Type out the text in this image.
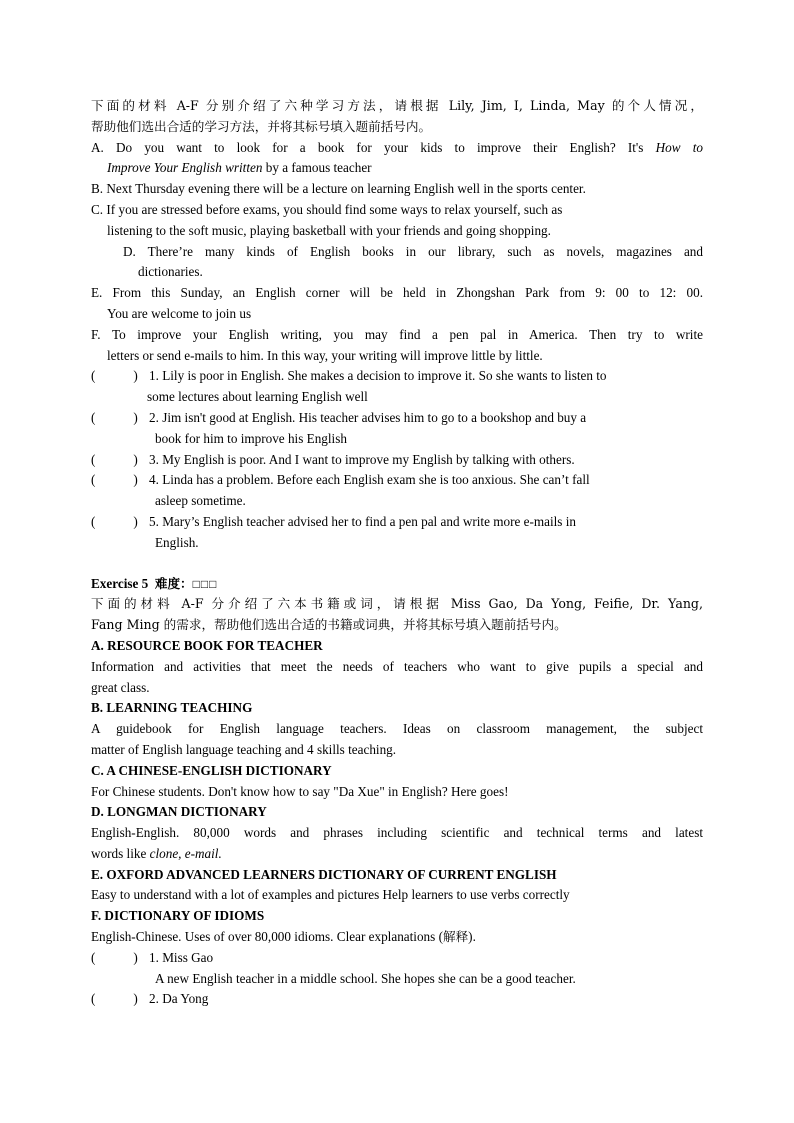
下面的材料 A-F 分别介绍了六种学习方法，请根据 Lily, Jim, I, Linda, May 的个人情况，
帮助他们选出合适的学习方法，并将其标号填入题前括号内。
A. Do you want to look for a book for your kids to improve their English? It's How to
Improve Your English written by a famous teacher
B. Next Thursday evening there will be a lecture on learning English well in the sports center.
C. If you are stressed before exams, you should find some ways to relax yourself, such as
listening to the soft music, playing basketball with your friends and going shopping.
D. There’re many kinds of English books in our library, such as novels, magazines and
dictionaries.
E. From this Sunday, an English corner will be held in Zhongshan Park from 9: 00 to 12: 00.
You are welcome to join us
F. To improve your English writing, you may find a pen pal in America. Then try to write
letters or send e-mails to him. In this way, your writing will improve little by little.
(	) 1. Lily is poor in English. She makes a decision to improve it. So she wants to listen to
some lectures about learning English well
(	) 2. Jim isn't good at English. His teacher advises him to go to a bookshop and buy a
book for him to improve his English
(	) 3. My English is poor. And I want to improve my English by talking with others.
(	) 4. Linda has a problem. Before each English exam she is too anxious. She can’t fall
asleep sometime.
(	) 5. Mary’s English teacher advised her to find a pen pal and write more e-mails in
English.
Exercise 5 难度：□□□
下面的材料 A-F 分介绍了六本书籍或词，请根据 Miss Gao, Da Yong, Feifie, Dr. Yang,
Fang Ming 的需求，帮助他们选出合适的书籍或词典，并将其标号填入题前括号内。
A. RESOURCE BOOK FOR TEACHER
Information and activities that meet the needs of teachers who want to give pupils a special and
great class.
B. LEARNING TEACHING
A guidebook for English language teachers. Ideas on classroom management, the subject
matter of English language teaching and 4 skills teaching.
C. A CHINESE-ENGLISH DICTIONARY
For Chinese students. Don't know how to say "Da Xue" in English? Here goes!
D. LONGMAN DICTIONARY
English-English. 80,000 words and phrases including scientific and technical terms and latest
words like clone, e-mail.
E. OXFORD ADVANCED LEARNERS DICTIONARY OF CURRENT ENGLISH
Easy to understand with a lot of examples and pictures Help learners to use verbs correctly
F. DICTIONARY OF IDIOMS
English-Chinese. Uses of over 80,000 idioms. Clear explanations (解释).
(	) 1. Miss Gao
A new English teacher in a middle school. She hopes she can be a good teacher.
(	) 2. Da Yong
